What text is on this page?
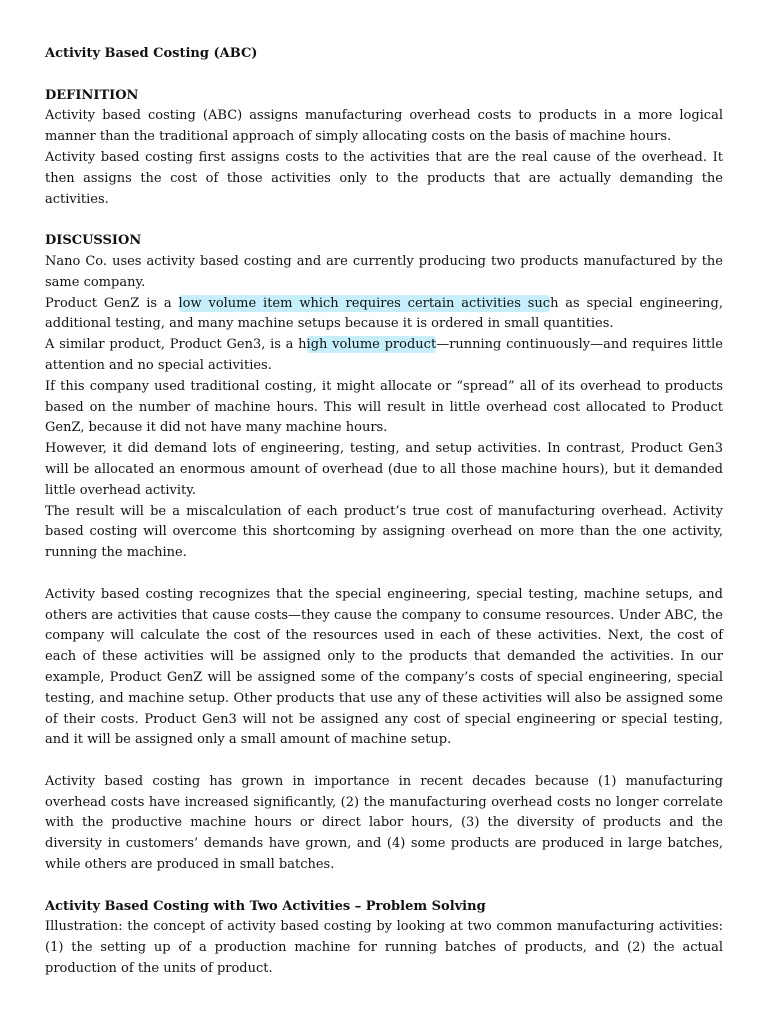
Activity Based Costing (ABC)
DEFINITION

Activity based costing (ABC) assigns manufacturing overhead costs to products in a more logical manner than the traditional approach of simply allocating costs on the basis of machine hours.

Activity based costing first assigns costs to the activities that are the real cause of the overhead. It then assigns the cost of those activities only to the products that are actually demanding the activities.

DISCUSSION

Nano Co. uses activity based costing and are currently producing two products manufactured by the same company.

Product GenZ is a low volume item which requires certain activities such as special engineering, additional testing, and many machine setups because it is ordered in small quantities.

A similar product, Product Gen3, is a high volume product—running continuously—and requires little attention and no special activities.

If this company used traditional costing, it might allocate or “spread” all of its overhead to products based on the number of machine hours. This will result in little overhead cost allocated to Product GenZ, because it did not have many machine hours.

However, it did demand lots of engineering, testing, and setup activities. In contrast, Product Gen3 will be allocated an enormous amount of overhead (due to all those machine hours), but it demanded little overhead activity.

The result will be a miscalculation of each product’s true cost of manufacturing overhead. Activity based costing will overcome this shortcoming by assigning overhead on more than the one activity, running the machine.

Activity based costing recognizes that the special engineering, special testing, machine setups, and others are activities that cause costs—they cause the company to consume resources. Under ABC, the company will calculate the cost of the resources used in each of these activities. Next, the cost of each of these activities will be assigned only to the products that demanded the activities. In our example, Product GenZ will be assigned some of the company’s costs of special engineering, special testing, and machine setup. Other products that use any of these activities will also be assigned some of their costs. Product Gen3 will not be assigned any cost of special engineering or special testing, and it will be assigned only a small amount of machine setup.

Activity based costing has grown in importance in recent decades because (1) manufacturing overhead costs have increased significantly, (2) the manufacturing overhead costs no longer correlate with the productive machine hours or direct labor hours, (3) the diversity of products and the diversity in customers’ demands have grown, and (4) some products are produced in large batches, while others are produced in small batches.

Activity Based Costing with Two Activities – Problem Solving

Illustration: the concept of activity based costing by looking at two common manufacturing activities: (1) the setting up of a production machine for running batches of products, and (2) the actual production of the units of product.
